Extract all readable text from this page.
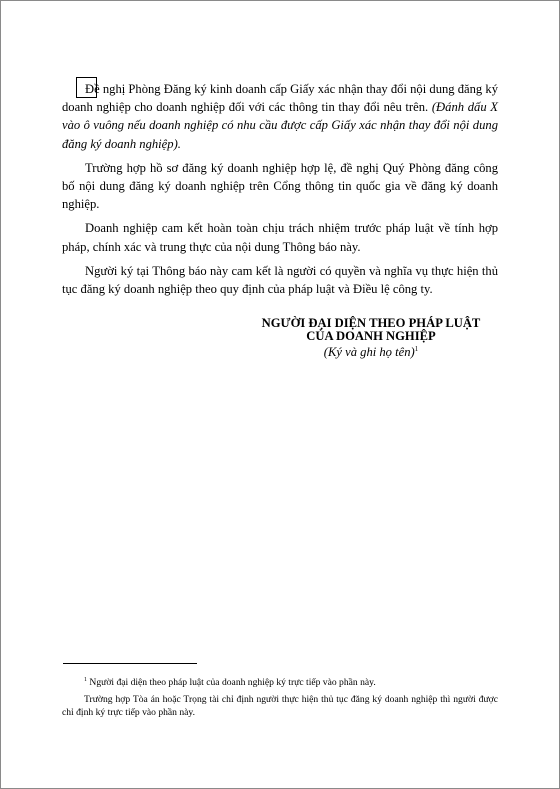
Đề nghị Phòng Đăng ký kinh doanh cấp Giấy xác nhận thay đổi nội dung đăng ký doanh nghiệp cho doanh nghiệp đối với các thông tin thay đổi nêu trên. (Đánh dấu X vào ô vuông nếu doanh nghiệp có nhu cầu được cấp Giấy xác nhận thay đổi nội dung đăng ký doanh nghiệp).

Trường hợp hồ sơ đăng ký doanh nghiệp hợp lệ, đề nghị Quý Phòng đăng công bố nội dung đăng ký doanh nghiệp trên Cổng thông tin quốc gia về đăng ký doanh nghiệp.

Doanh nghiệp cam kết hoàn toàn chịu trách nhiệm trước pháp luật về tính hợp pháp, chính xác và trung thực của nội dung Thông báo này.

Người ký tại Thông báo này cam kết là người có quyền và nghĩa vụ thực hiện thủ tục đăng ký doanh nghiệp theo quy định của pháp luật và Điều lệ công ty.

NGƯỜI ĐẠI DIỆN THEO PHÁP LUẬT

CỦA DOANH NGHIỆP

(Ký và ghi họ tên)$^1$

$^1$ Người đại diện theo pháp luật của doanh nghiệp ký trực tiếp vào phần này.

Trường hợp Tòa án hoặc Trọng tài chỉ định người thực hiện thủ tục đăng ký doanh nghiệp thì người được chỉ định ký trực tiếp vào phần này.
